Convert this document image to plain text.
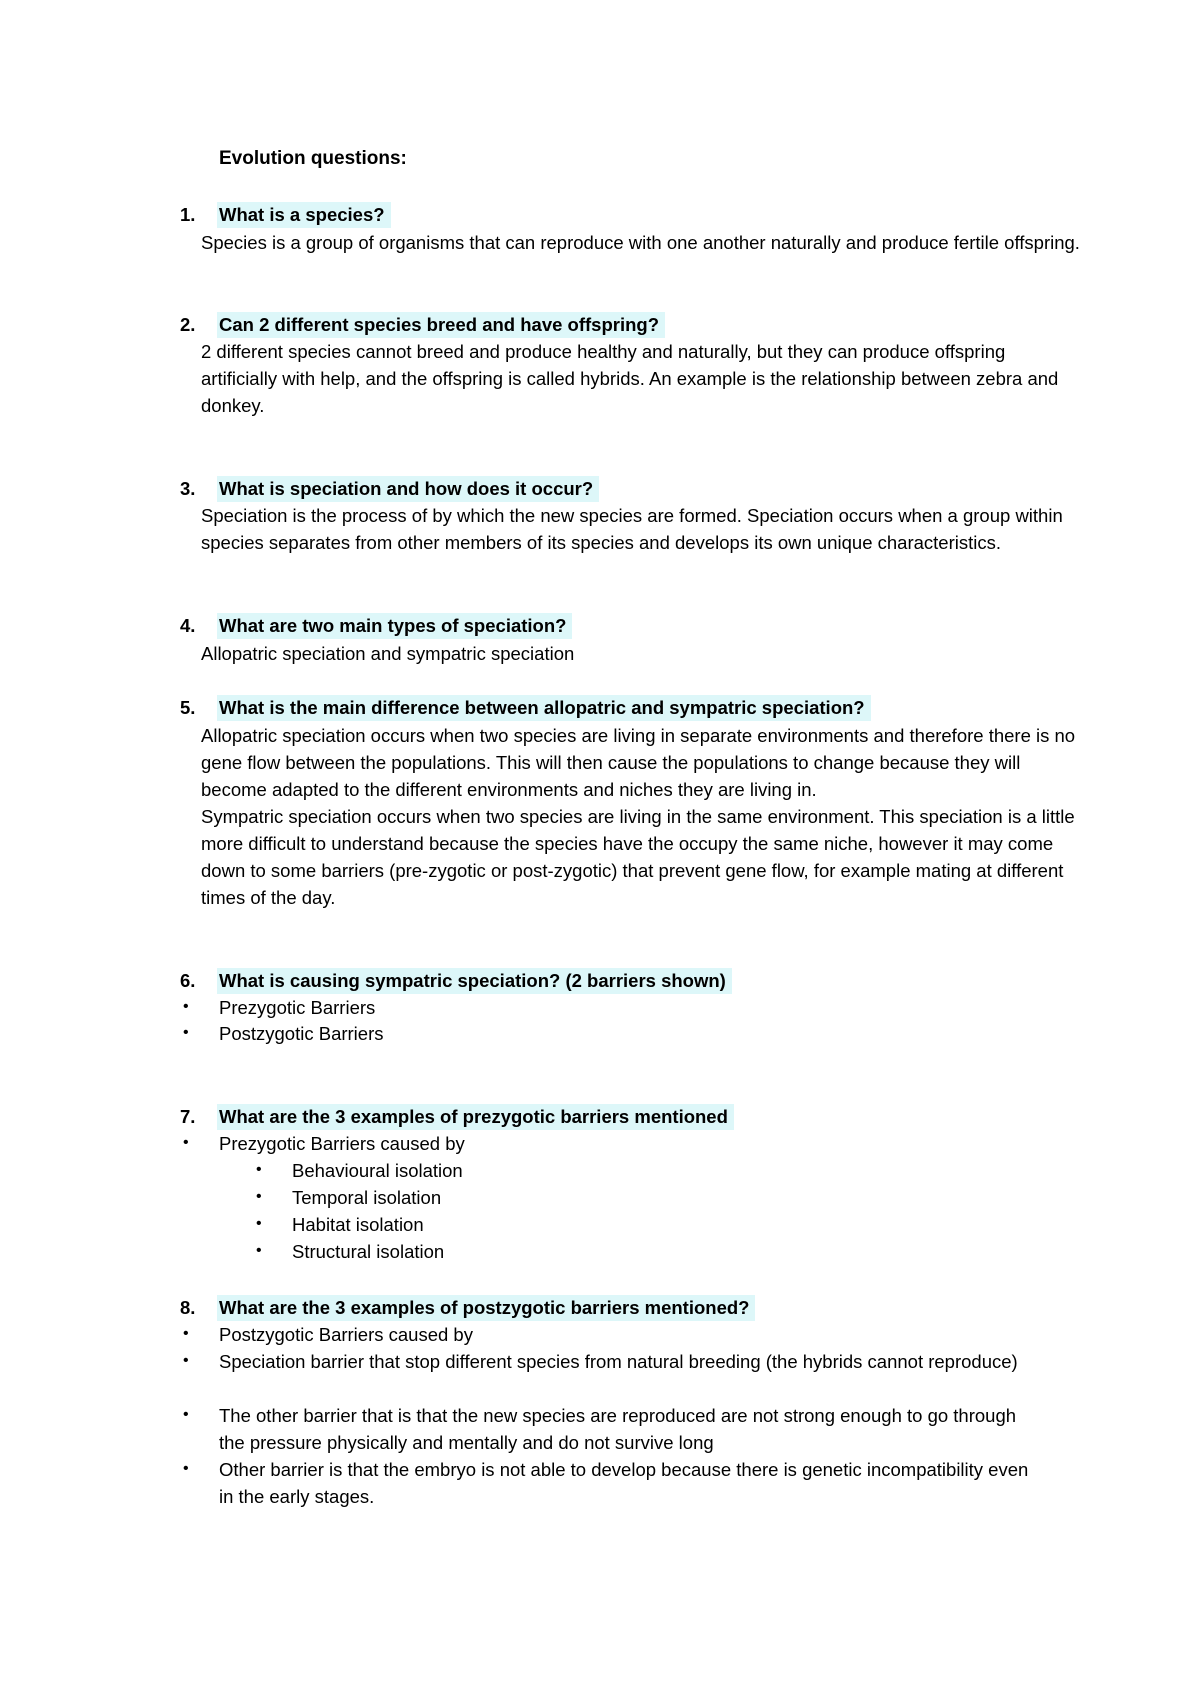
Evolution questions:
1. What is a species?
Species is a group of organisms that can reproduce with one another naturally and produce fertile offspring.
2. Can 2 different species breed and have offspring?
2 different species cannot breed and produce healthy and naturally, but they can produce offspring artificially with help, and the offspring is called hybrids. An example is the relationship between zebra and donkey.
3. What is speciation and how does it occur?
Speciation is the process of by which the new species are formed. Speciation occurs when a group within species separates from other members of its species and develops its own unique characteristics.
4. What are two main types of speciation?
Allopatric speciation and sympatric speciation
5. What is the main difference between allopatric and sympatric speciation?

Allopatric speciation occurs when two species are living in separate environments and therefore there is no gene flow between the populations. This will then cause the populations to change because they will become adapted to the different environments and niches they are living in.

Sympatric speciation occurs when two species are living in the same environment. This speciation is a little more difficult to understand because the species have the occupy the same niche, however it may come down to some barriers (pre-zygotic or post-zygotic) that prevent gene flow, for example mating at different times of the day.

6. What is causing sympatric speciation? (2 barriers shown)
• Prezygotic Barriers
• Postzygotic Barriers
7. What are the 3 examples of prezygotic barriers mentioned
• Prezygotic Barriers caused by
• Behavioural isolation
• Temporal isolation
• Habitat isolation
• Structural isolation
8. What are the 3 examples of postzygotic barriers mentioned?
• Postzygotic Barriers caused by
• Speciation barrier that stop different species from natural breeding (the hybrids cannot reproduce)
• The other barrier that is that the new species are reproduced are not strong enough to go through the pressure physically and mentally and do not survive long
• Other barrier is that the embryo is not able to develop because there is genetic incompatibility even in the early stages.
